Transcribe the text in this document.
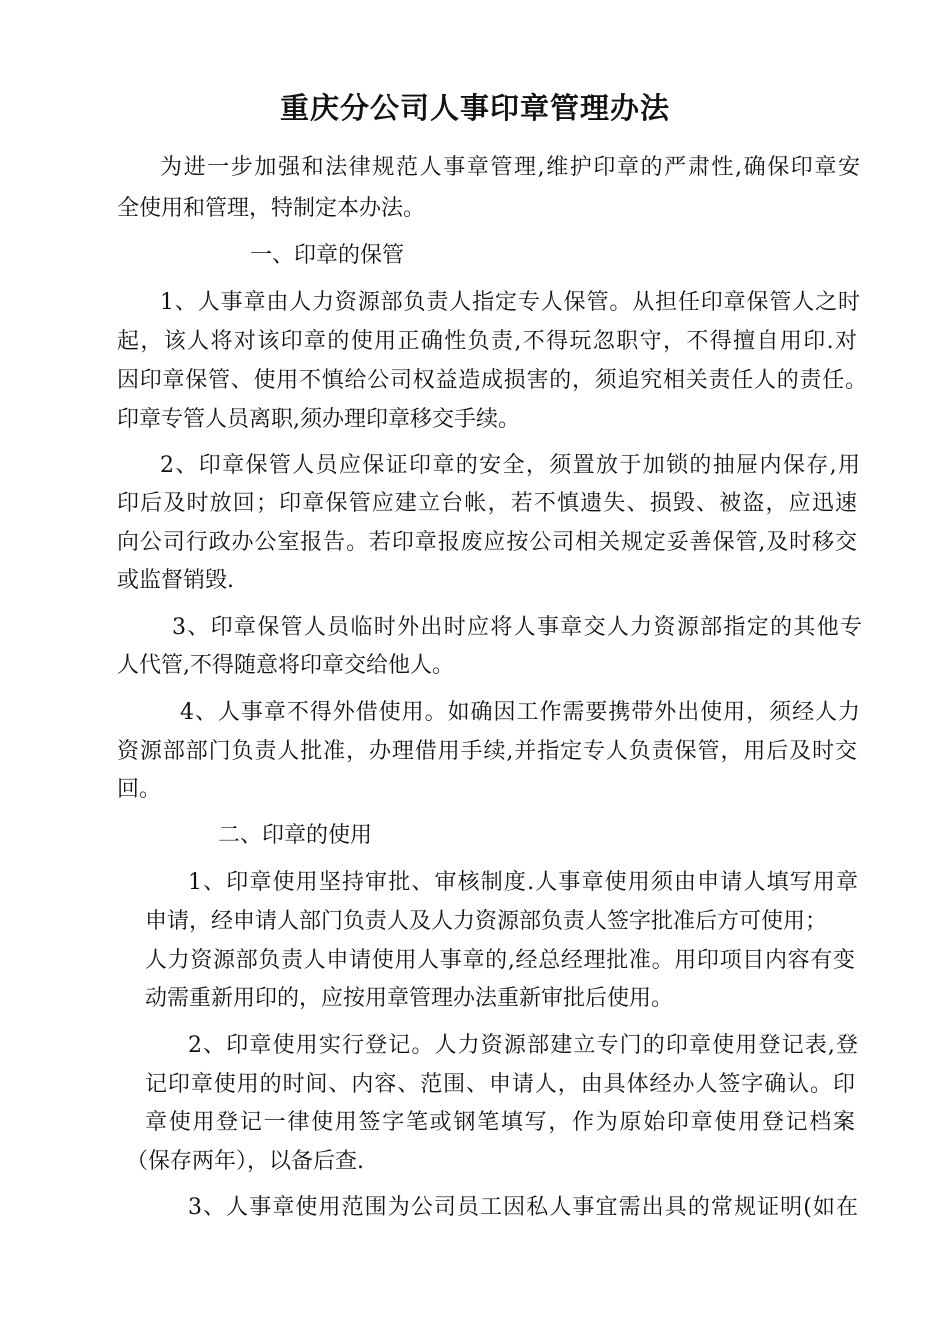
重庆分公司人事印章管理办法
为进一步加强和法律规范人事章管理,维护印章的严肃性,确保印章安
全使用和管理，特制定本办法。
一、印章的保管
1、人事章由人力资源部负责人指定专人保管。从担任印章保管人之时
起，该人将对该印章的使用正确性负责,不得玩忽职守，不得擅自用印.对
因印章保管、使用不慎给公司权益造成损害的，须追究相关责任人的责任。
印章专管人员离职,须办理印章移交手续。
2、印章保管人员应保证印章的安全，须置放于加锁的抽屉内保存,用
印后及时放回；印章保管应建立台帐，若不慎遗失、损毁、被盗，应迅速
向公司行政办公室报告。若印章报废应按公司相关规定妥善保管,及时移交
或监督销毁.
3、印章保管人员临时外出时应将人事章交人力资源部指定的其他专
人代管,不得随意将印章交给他人。
4、人事章不得外借使用。如确因工作需要携带外出使用，须经人力
资源部部门负责人批准，办理借用手续,并指定专人负责保管，用后及时交
回。
二、印章的使用
1、印章使用坚持审批、审核制度.人事章使用须由申请人填写用章
申请，经申请人部门负责人及人力资源部负责人签字批准后方可使用；
人力资源部负责人申请使用人事章的,经总经理批准。用印项目内容有变
动需重新用印的，应按用章管理办法重新审批后使用。
2、印章使用实行登记。人力资源部建立专门的印章使用登记表,登
记印章使用的时间、内容、范围、申请人，由具体经办人签字确认。印
章使用登记一律使用签字笔或钢笔填写，作为原始印章使用登记档案
（保存两年），以备后查.
3、人事章使用范围为公司员工因私人事宜需出具的常规证明(如在
